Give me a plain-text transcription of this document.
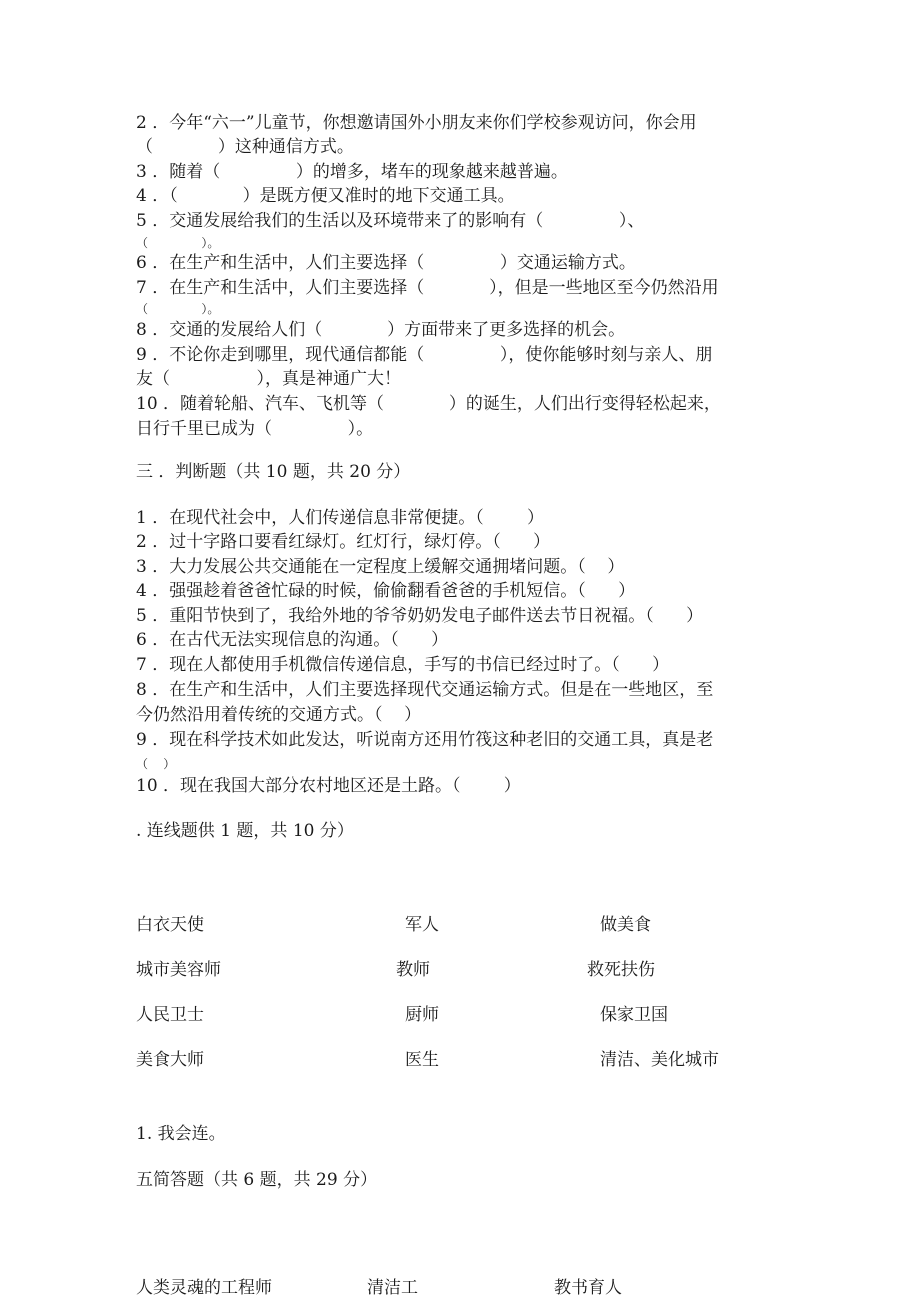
2 ．今年“六一”儿童节，你想邀请国外小朋友来你们学校参观访问，你会用
（            ）这种通信方式。
3 ．随着（              ）的增多，堵车的现象越来越普遍。
4 ．（            ）是既方便又准时的地下交通工具。
5 ．交通发展给我们的生活以及环境带来了的影响有（              ）、
（              ）。
6 ．在生产和生活中，人们主要选择（              ）交通运输方式。
7 ．在生产和生活中，人们主要选择（            ），但是一些地区至今仍然沿用
（              ）。
8 ．交通的发展给人们（            ）方面带来了更多选择的机会。
9 ．不论你走到哪里，现代通信都能（              ），使你能够时刻与亲人、朋
友（                ），真是神通广大！
10 ．随着轮船、汽车、飞机等（            ）的诞生，人们出行变得轻松起来，
日行千里已成为（              ）。
三 ．判断题（共 10 题，共 20 分）
1 ．在现代社会中，人们传递信息非常便捷。（        ）
2 ．过十字路口要看红绿灯。红灯行，绿灯停。（      ）
3 ．大力发展公共交通能在一定程度上缓解交通拥堵问题。（    ）
4 ．强强趁着爸爸忙碌的时候，偷偷翻看爸爸的手机短信。（      ）
5 ．重阳节快到了，我给外地的爷爷奶奶发电子邮件送去节日祝福。（      ）
6 ．在古代无法实现信息的沟通。（      ）
7 ．现在人都使用手机微信传递信息，手写的书信已经过时了。（      ）
8 ．在生产和生活中，人们主要选择现代交通运输方式。但是在一些地区，至
今仍然沿用着传统的交通方式。（    ）
9 ．现在科学技术如此发达，听说南方还用竹筏这种老旧的交通工具，真是老
（    ）
10 ．现在我国大部分农村地区还是土路。（        ）
. 连线题供 1 题，共 10 分）
白衣天使	军人	做美食
城市美容师	教师	救死扶伤
人民卫士	厨师	保家卫国
美食大师	医生	清洁、美化城市
1. 我会连。
五简答题（共 6 题，共 29 分）
人类灵魂的工程师	清洁工	教书育人
